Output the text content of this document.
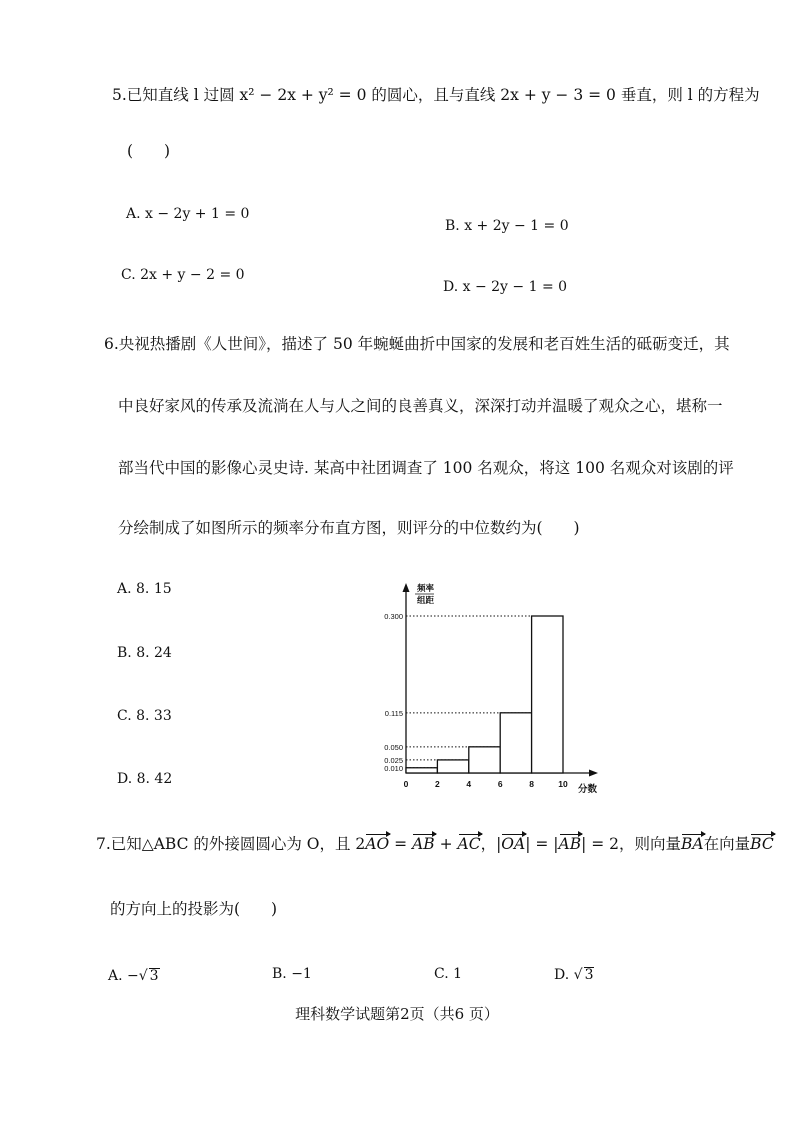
5.已知直线 l 过圆 x² − 2x + y² = 0 的圆心，且与直线 2x + y − 3 = 0 垂直，则 l 的方程为
(　　)
A. x − 2y + 1 = 0
B. x + 2y − 1 = 0
C. 2x + y − 2 = 0
D. x − 2y − 1 = 0
6.央视热播剧《人世间》，描述了 50 年蜿蜒曲折中国家的发展和老百姓生活的砥砺变迁，其
中良好家风的传承及流淌在人与人之间的良善真义，深深打动并温暖了观众之心，堪称一
部当代中国的影像心灵史诗. 某高中社团调查了 100 名观众，将这 100 名观众对该剧的评
分绘制成了如图所示的频率分布直方图，则评分的中位数约为(　　)
A. 8. 15
B. 8. 24
C. 8. 33
D. 8. 42
0.300
0.115
0.050
0.025
0.010
0	2	4	6	8	10
频率
组距
分数
7.已知△ABC 的外接圆圆心为 O，且 2AO = AB + AC，|OA| = |AB| = 2，则向量BA在向量BC
的方向上的投影为(　　)
A. −√ 3	B. −1	C. 1	D. √ 3
理科数学试题第2页（共6 页）
